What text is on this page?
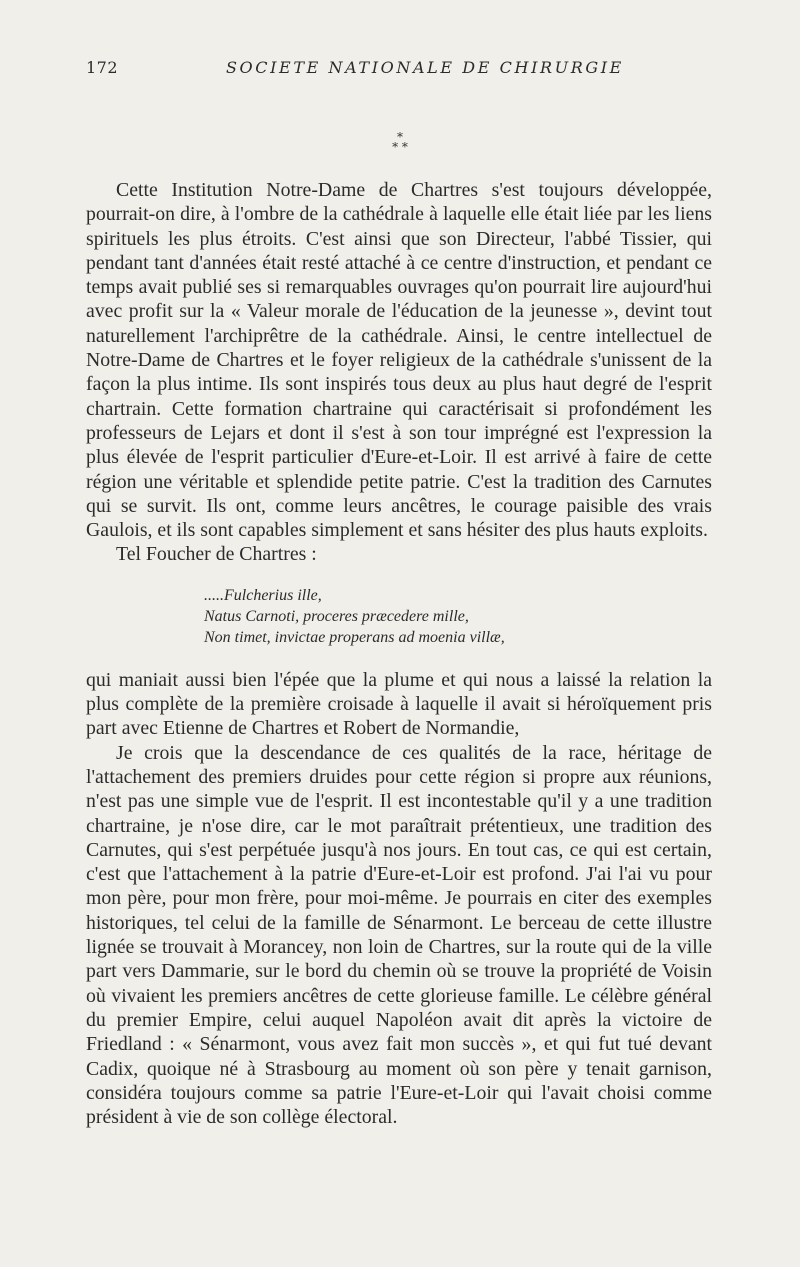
172	SOCIETE NATIONALE DE CHIRURGIE
*
* *

Cette Institution Notre-Dame de Chartres s'est toujours développée, pourrait-on dire, à l'ombre de la cathédrale à laquelle elle était liée par les liens spirituels les plus étroits. C'est ainsi que son Directeur, l'abbé Tissier, qui pendant tant d'années était resté attaché à ce centre d'instruction, et pendant ce temps avait publié ses si remarquables ouvrages qu'on pourrait lire aujourd'hui avec profit sur la « Valeur morale de l'éducation de la jeunesse », devint tout naturellement l'archiprêtre de la cathédrale. Ainsi, le centre intellectuel de Notre-Dame de Chartres et le foyer religieux de la cathédrale s'unissent de la façon la plus intime. Ils sont inspirés tous deux au plus haut degré de l'esprit chartrain. Cette formation chartraine qui caractérisait si profondément les professeurs de Lejars et dont il s'est à son tour imprégné est l'expression la plus élevée de l'esprit particulier d'Eure-et-Loir. Il est arrivé à faire de cette région une véritable et splendide petite patrie. C'est la tradition des Carnutes qui se survit. Ils ont, comme leurs ancêtres, le courage paisible des vrais Gaulois, et ils sont capables simplement et sans hésiter des plus hauts exploits.

Tel Foucher de Chartres :

.....Fulcherius ille,
Natus Carnoti, proceres præcedere mille,
Non timet, invictae properans ad moenia villæ,

qui maniait aussi bien l'épée que la plume et qui nous a laissé la relation la plus complète de la première croisade à laquelle il avait si héroïquement pris part avec Etienne de Chartres et Robert de Normandie,

Je crois que la descendance de ces qualités de la race, héritage de l'attachement des premiers druides pour cette région si propre aux réunions, n'est pas une simple vue de l'esprit. Il est incontestable qu'il y a une tradition chartraine, je n'ose dire, car le mot paraîtrait prétentieux, une tradition des Carnutes, qui s'est perpétuée jusqu'à nos jours. En tout cas, ce qui est certain, c'est que l'attachement à la patrie d'Eure-et-Loir est profond. J'ai l'ai vu pour mon père, pour mon frère, pour moi-même. Je pourrais en citer des exemples historiques, tel celui de la famille de Sénarmont. Le berceau de cette illustre lignée se trouvait à Morancey, non loin de Chartres, sur la route qui de la ville part vers Dammarie, sur le bord du chemin où se trouve la propriété de Voisin où vivaient les premiers ancêtres de cette glorieuse famille. Le célèbre général du premier Empire, celui auquel Napoléon avait dit après la victoire de Friedland : « Sénarmont, vous avez fait mon succès », et qui fut tué devant Cadix, quoique né à Strasbourg au moment où son père y tenait garnison, considéra toujours comme sa patrie l'Eure-et-Loir qui l'avait choisi comme président à vie de son collège électoral.
